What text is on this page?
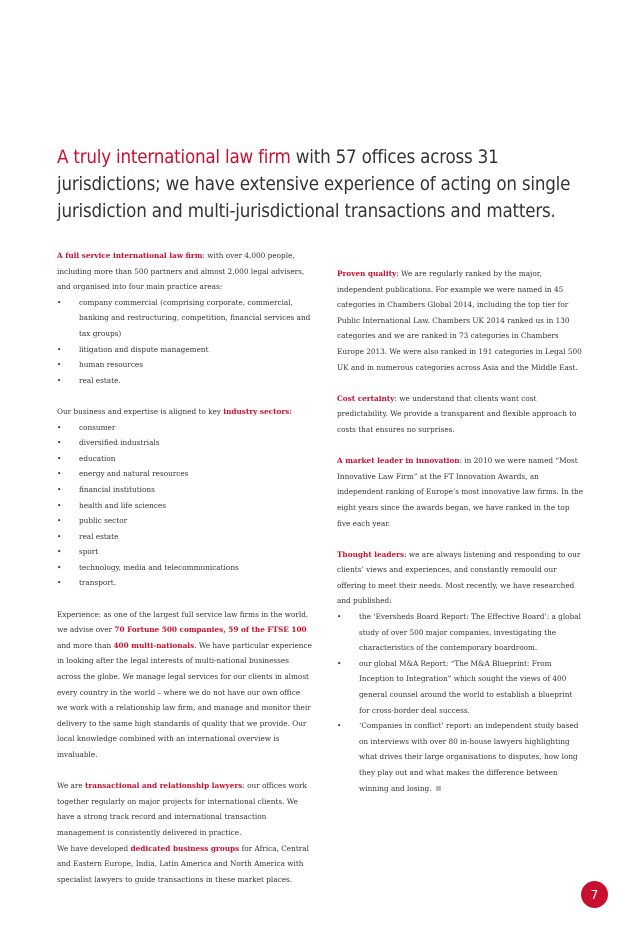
A truly international law firm with 57 offices across 31 jurisdictions; we have extensive experience of acting on single jurisdiction and multi-jurisdictional transactions and matters.

A full service international law firm: with over 4,000 people, including more than 500 partners and almost 2,000 legal advisers, and organised into four main practice areas:

• company commercial (comprising corporate, commercial, banking and restructuring, competition, financial services and tax groups)
• litigation and dispute management
• human resources
• real estate.

Our business and expertise is aligned to key industry sectors:

• consumer
• diversified industrials
• education
• energy and natural resources
• financial institutions
• health and life sciences
• public sector
• real estate
• sport
• technology, media and telecommunications
• transport.

Experience: as one of the largest full service law firms in the world, we advise over 70 Fortune 500 companies, 59 of the FTSE 100 and more than 400 multi-nationals. We have particular experience in looking after the legal interests of multi-national businesses across the globe. We manage legal services for our clients in almost every country in the world – where we do not have our own office we work with a relationship law firm, and manage and monitor their delivery to the same high standards of quality that we provide. Our local knowledge combined with an international overview is invaluable.

We are transactional and relationship lawyers: our offices work together regularly on major projects for international clients. We have a strong track record and international transaction management is consistently delivered in practice.

We have developed dedicated business groups for Africa, Central and Eastern Europe, India, Latin America and North America with specialist lawyers to guide transactions in these market places.

Proven quality: We are regularly ranked by the major, independent publications. For example we were named in 45 categories in Chambers Global 2014, including the top tier for Public International Law. Chambers UK 2014 ranked us in 130 categories and we are ranked in 73 categories in Chambers Europe 2013. We were also ranked in 191 categories in Legal 500 UK and in numerous categories across Asia and the Middle East.

Cost certainty: we understand that clients want cost predictability. We provide a transparent and flexible approach to costs that ensures no surprises.

A market leader in innovation: in 2010 we were named “Most Innovative Law Firm” at the FT Innovation Awards, an independent ranking of Europe’s most innovative law firms. In the eight years since the awards began, we have ranked in the top five each year.

Thought leaders: we are always listening and responding to our clients’ views and experiences, and constantly remould our offering to meet their needs. Most recently, we have researched and published:

• the ‘Eversheds Board Report: The Effective Board’: a global study of over 500 major companies, investigating the characteristics of the contemporary boardroom.
• our global M&A Report: “The M&A Blueprint: From Inception to Integration” which sought the views of 400 general counsel around the world to establish a blueprint for cross-border deal success.
• ‘Companies in conflict’ report: an independent study based on interviews with over 80 in-house lawyers highlighting what drives their large organisations to disputes, how long they play out and what makes the difference between winning and losing.
7
